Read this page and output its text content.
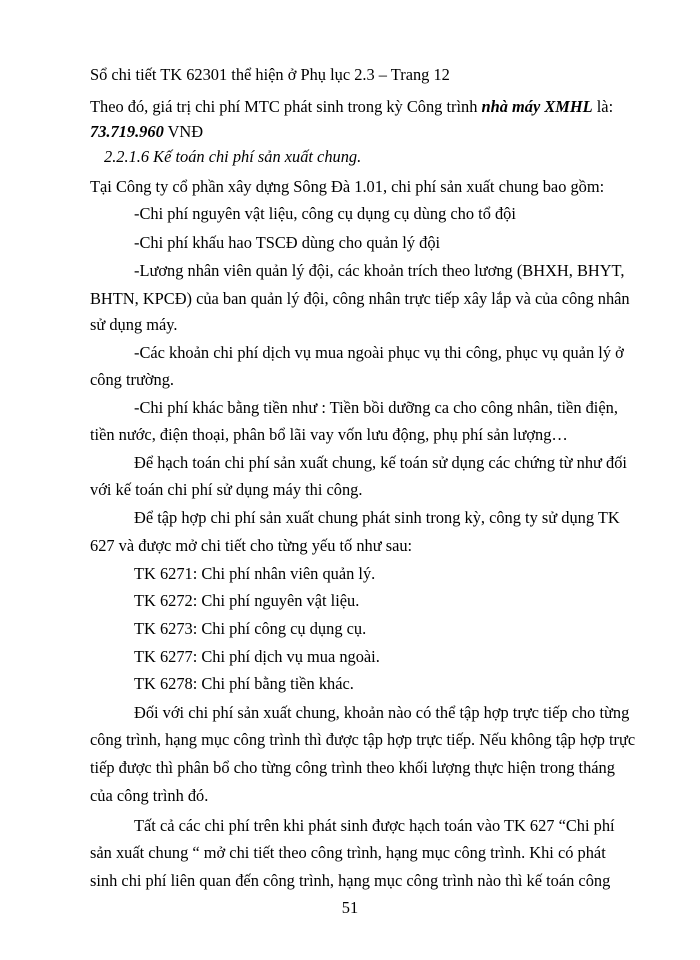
Sổ chi tiết TK 62301 thể hiện ở Phụ lục 2.3 – Trang 12

Theo đó, giá trị chi phí MTC phát sinh trong kỳ Công trình nhà máy XMHL là:

73.719.960 VNĐ

2.2.1.6 Kế toán chi phí sản xuất chung.

Tại Công ty cổ phần xây dựng Sông Đà 1.01, chi phí sản xuất chung bao gồm:

-Chi phí nguyên vật liệu, công cụ dụng cụ dùng cho tổ đội

-Chi phí khấu hao TSCĐ dùng cho quản lý đội

-Lương nhân viên quản lý đội, các khoản trích theo lương (BHXH, BHYT,

BHTN, KPCĐ) của ban quản lý đội, công nhân trực tiếp xây lắp và của công nhân

sử dụng máy.

-Các khoản chi phí dịch vụ mua ngoài phục vụ thi công, phục vụ quản lý ở

công trường.

-Chi phí khác bằng tiền như : Tiền bồi dưỡng ca cho công nhân, tiền điện,

tiền nước, điện thoại, phân bổ lãi vay vốn lưu động, phụ phí sản lượng…

Để hạch toán chi phí sản xuất chung, kế toán sử dụng các chứng từ như đối

với kế toán chi phí sử dụng máy thi công.

Để tập hợp chi phí sản xuất chung phát sinh trong kỳ, công ty sử dụng TK

627 và được mở chi tiết cho từng yếu tố như sau:

TK 6271: Chi phí nhân viên quản lý.

TK 6272: Chi phí nguyên vật liệu.

TK 6273: Chi phí công cụ dụng cụ.

TK 6277: Chi phí dịch vụ mua ngoài.

TK 6278: Chi phí bằng tiền khác.

Đối với chi phí sản xuất chung, khoản nào có thể tập hợp trực tiếp cho từng

công trình, hạng mục công trình thì được tập hợp trực tiếp. Nếu không tập hợp trực

tiếp được thì phân bổ cho từng công trình theo khối lượng thực hiện trong tháng

của công trình đó.

Tất cả các chi phí trên khi phát sinh được hạch toán vào TK 627 “Chi phí

sản xuất chung “ mở chi tiết theo công trình, hạng mục công trình. Khi có phát

sinh chi phí liên quan đến công trình, hạng mục công trình nào thì kế toán công

51
